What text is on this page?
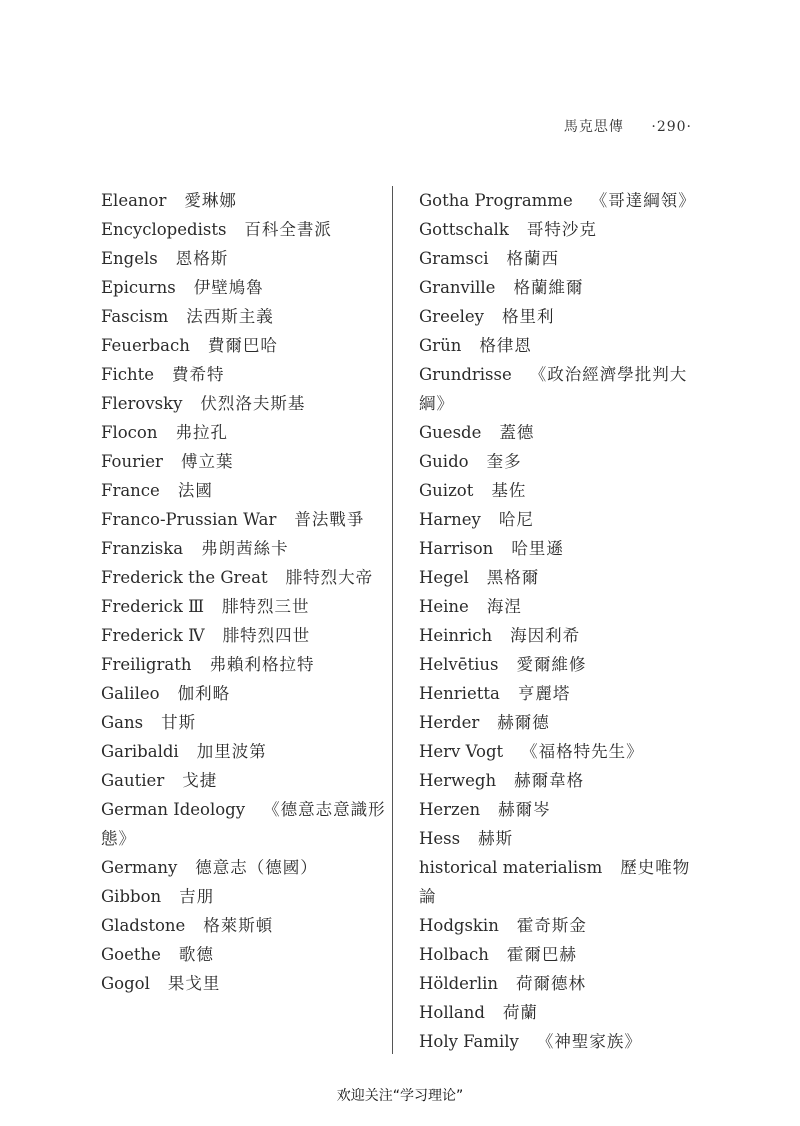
馬克思傳 ·290·
Eleanor 愛琳娜
Encyclopedists 百科全書派
Engels 恩格斯
Epicurns 伊壁鳩魯
Fascism 法西斯主義
Feuerbach 費爾巴哈
Fichte 費希特
Flerovsky 伏烈洛夫斯基
Flocon 弗拉孔
Fourier 傅立葉
France 法國
Franco-Prussian War 普法戰爭
Franziska 弗朗茜絲卡
Frederick the Great 腓特烈大帝
Frederick Ⅲ 腓特烈三世
Frederick Ⅳ 腓特烈四世
Freiligrath 弗賴利格拉特
Galileo 伽利略
Gans 甘斯
Garibaldi 加里波第
Gautier 戈捷
German Ideology 《德意志意識形態》
Germany 德意志（德國）
Gibbon 吉朋
Gladstone 格萊斯頓
Goethe 歌德
Gogol 果戈里
Gotha Programme 《哥達綱領》
Gottschalk 哥特沙克
Gramsci 格蘭西
Granville 格蘭維爾
Greeley 格里利
Grün 格律恩
Grundrisse 《政治經濟學批判大綱》
Guesde 蓋德
Guido 奎多
Guizot 基佐
Harney 哈尼
Harrison 哈里遜
Hegel 黑格爾
Heine 海涅
Heinrich 海因利希
Helvētius 愛爾維修
Henrietta 亨麗塔
Herder 赫爾德
Herv Vogt 《福格特先生》
Herwegh 赫爾韋格
Herzen 赫爾岑
Hess 赫斯
historical materialism 歷史唯物論
Hodgskin 霍奇斯金
Holbach 霍爾巴赫
Hölderlin 荷爾德林
Holland 荷蘭
Holy Family 《神聖家族》
欢迎关注“学习理论”
